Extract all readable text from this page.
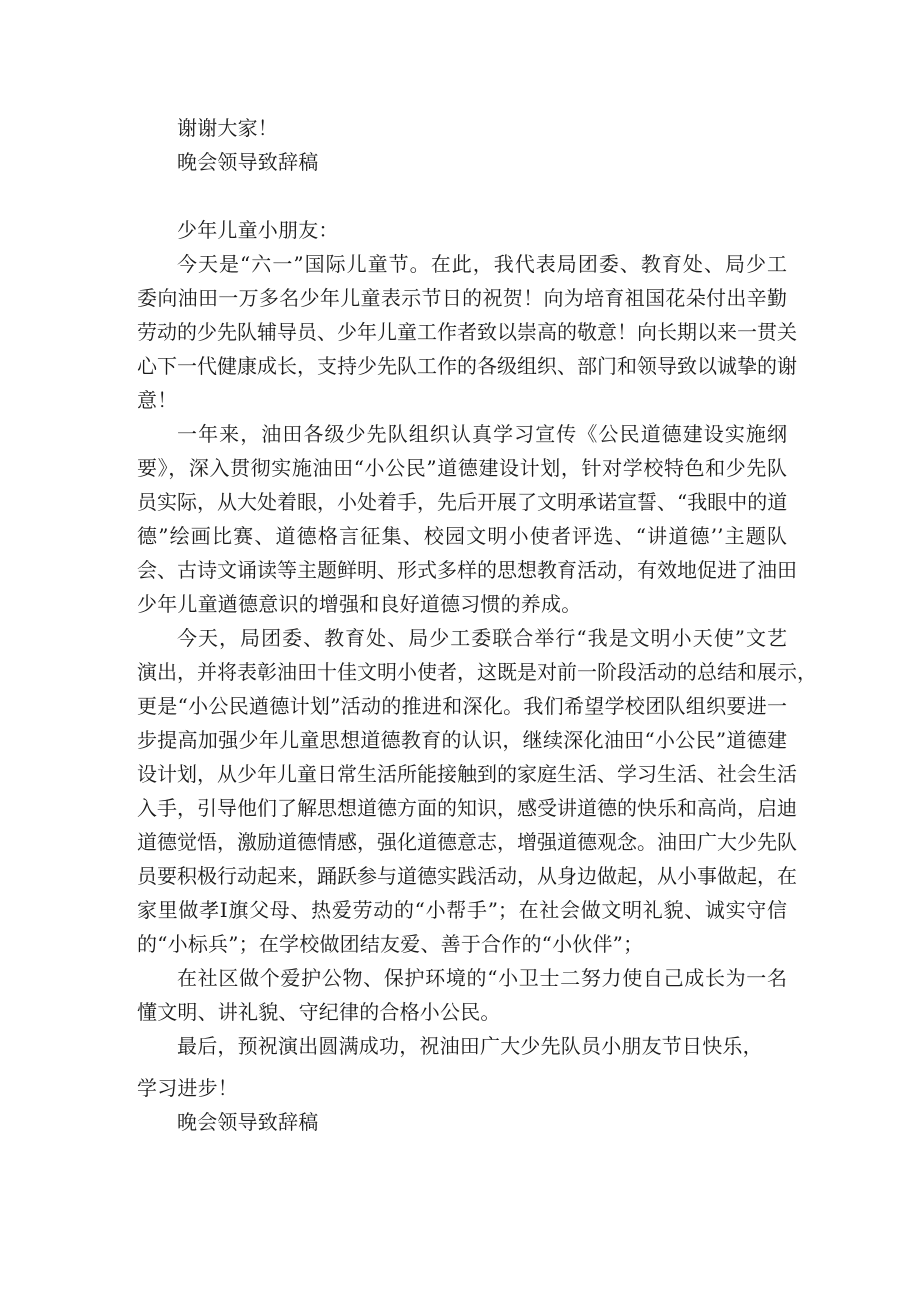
谢谢大家！
晚会领导致辞稿
少年儿童小朋友：
今天是“六一”国际儿童节。在此，我代表局团委、教育处、局少工
委向油田一万多名少年儿童表示节日的祝贺！向为培育祖国花朵付出辛勤
劳动的少先队辅导员、少年儿童工作者致以崇高的敬意！向长期以来一贯关
心下一代健康成长，支持少先队工作的各级组织、部门和领导致以诚挚的谢
意！
一年来，油田各级少先队组织认真学习宣传《公民道德建设实施纲
要》，深入贯彻实施油田“小公民”道德建设计划，针对学校特色和少先队
员实际，从大处着眼，小处着手，先后开展了文明承诺宣誓、“我眼中的道
德”绘画比赛、道德格言征集、校园文明小使者评选、“讲道德’’主题队
会、古诗文诵读等主题鲜明、形式多样的思想教育活动，有效地促进了油田
少年儿童遒德意识的增强和良好道德习惯的养成。
今天，局团委、教育处、局少工委联合举行“我是文明小天使”文艺
演出，并将表彰油田十佳文明小使者，这既是对前一阶段活动的总结和展示，
更是“小公民遒德计划”活动的推进和深化。我们希望学校团队组织要进一
步提高加强少年儿童思想道德教育的认识，继续深化油田“小公民”道德建
设计划，从少年儿童日常生活所能接触到的家庭生活、学习生活、社会生活
入手，引导他们了解思想道德方面的知识，感受讲道德的快乐和高尚，启迪
道德觉悟，激励道德情感，强化道德意志，增强道德观念。油田广大少先队
员要积极行动起来，踊跃参与道德实践活动，从身边做起，从小事做起，在
家里做孝I旗父母、热爱劳动的“小帮手”；在社会做文明礼貌、诚实守信
的“小标兵”；在学校做团结友爱、善于合作的“小伙伴”；
在社区做个爱护公物、保护环境的“小卫士二努力使自己成长为一名
懂文明、讲礼貌、守纪律的合格小公民。
最后，预祝演出圆满成功，祝油田广大少先队员小朋友节日快乐，
学习进步！
晚会领导致辞稿
